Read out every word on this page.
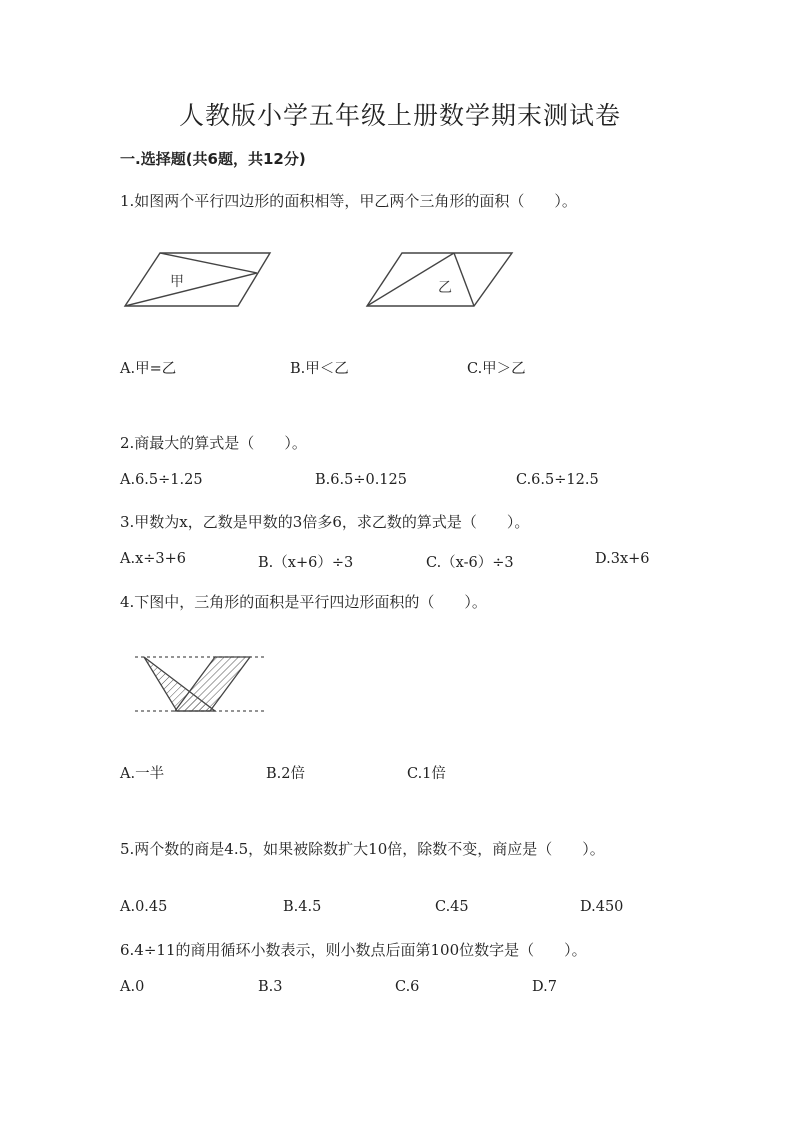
人教版小学五年级上册数学期末测试卷
一.选择题(共6题，共12分)
1.如图两个平行四边形的面积相等，甲乙两个三角形的面积（　　）。
甲	乙
A.甲=乙	B.甲＜乙	C.甲＞乙
2.商最大的算式是（　　）。
A.6.5÷1.25	B.6.5÷0.125	C.6.5÷12.5
3.甲数为x，乙数是甲数的3倍多6，求乙数的算式是（　　）。
A.x÷3+6	B.（x+6）÷3	C.（x-6）÷3	D.3x+6
4.下图中，三角形的面积是平行四边形面积的（　　）。
A.一半	B.2倍	C.1倍
5.两个数的商是4.5，如果被除数扩大10倍，除数不变，商应是（　　）。
A.0.45	B.4.5	C.45	D.450
6.4÷11的商用循环小数表示，则小数点后面第100位数字是（　　）。
A.0	B.3	C.6	D.7
